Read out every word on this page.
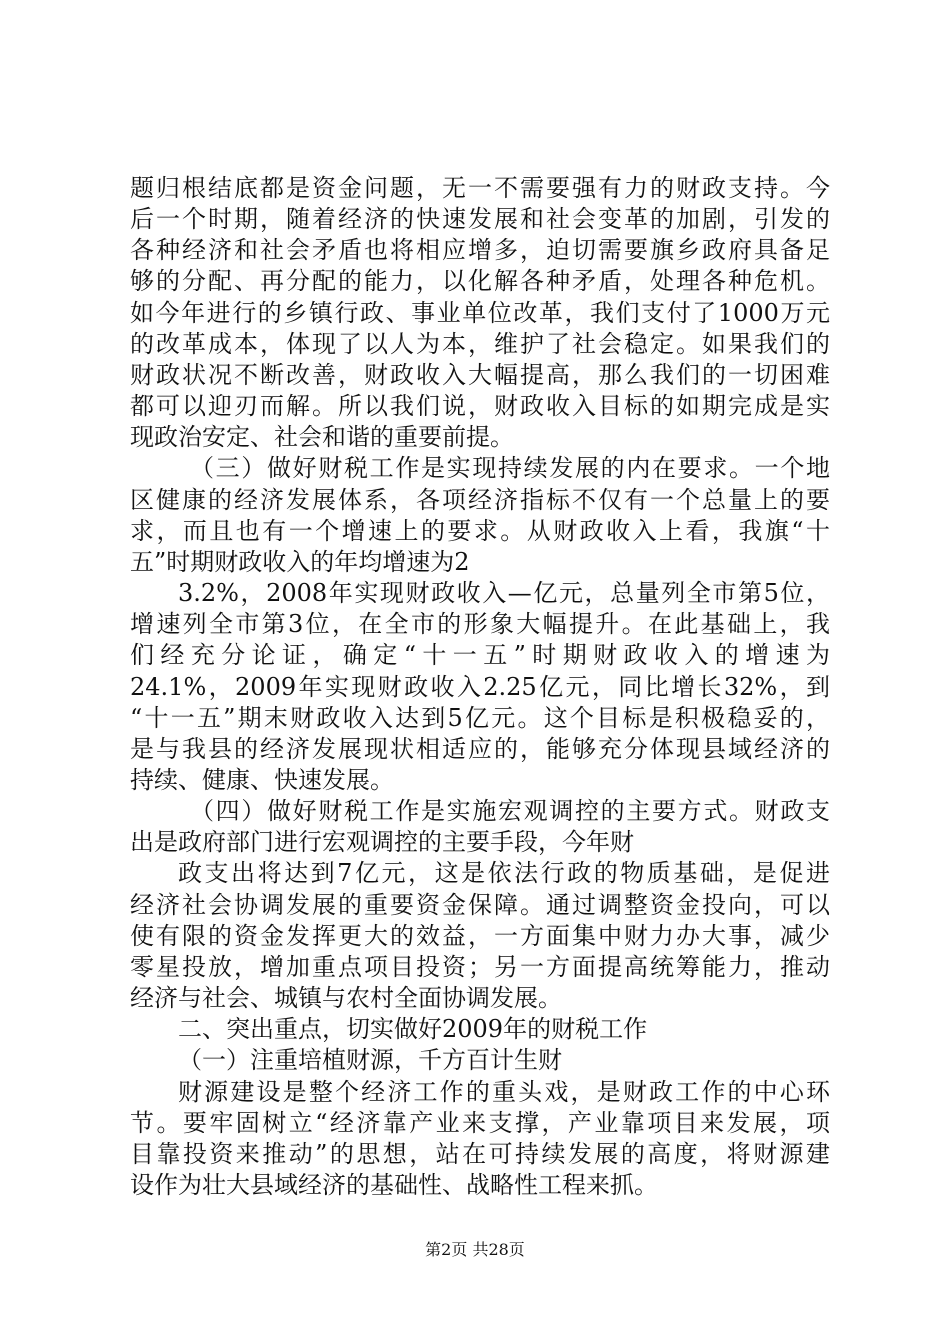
题归根结底都是资金问题，无一不需要强有力的财政支持。今
后一个时期，随着经济的快速发展和社会变革的加剧，引发的
各种经济和社会矛盾也将相应增多，迫切需要旗乡政府具备足
够的分配、再分配的能力，以化解各种矛盾，处理各种危机。
如今年进行的乡镇行政、事业单位改革，我们支付了1000万元
的改革成本，体现了以人为本，维护了社会稳定。如果我们的
财政状况不断改善，财政收入大幅提高，那么我们的一切困难
都可以迎刃而解。所以我们说，财政收入目标的如期完成是实
现政治安定、社会和谐的重要前提。
（三）做好财税工作是实现持续发展的内在要求。一个地
区健康的经济发展体系，各项经济指标不仅有一个总量上的要
求，而且也有一个增速上的要求。从财政收入上看，我旗“十
五”时期财政收入的年均增速为2
3.2%，2008年实现财政收入—亿元，总量列全市第5位，
增速列全市第3位，在全市的形象大幅提升。在此基础上，我
们经充分论证，确定“十一五”时期财政收入的增速为
24.1%，2009年实现财政收入2.25亿元，同比增长32%，到
“十一五”期末财政收入达到5亿元。这个目标是积极稳妥的，
是与我县的经济发展现状相适应的，能够充分体现县域经济的
持续、健康、快速发展。
（四）做好财税工作是实施宏观调控的主要方式。财政支
出是政府部门进行宏观调控的主要手段，今年财
政支出将达到7亿元，这是依法行政的物质基础，是促进
经济社会协调发展的重要资金保障。通过调整资金投向，可以
使有限的资金发挥更大的效益，一方面集中财力办大事，减少
零星投放，增加重点项目投资；另一方面提高统筹能力，推动
经济与社会、城镇与农村全面协调发展。
二、突出重点，切实做好2009年的财税工作
（一）注重培植财源，千方百计生财
财源建设是整个经济工作的重头戏，是财政工作的中心环
节。要牢固树立“经济靠产业来支撑，产业靠项目来发展，项
目靠投资来推动”的思想，站在可持续发展的高度，将财源建
设作为壮大县域经济的基础性、战略性工程来抓。
第2页 共28页
